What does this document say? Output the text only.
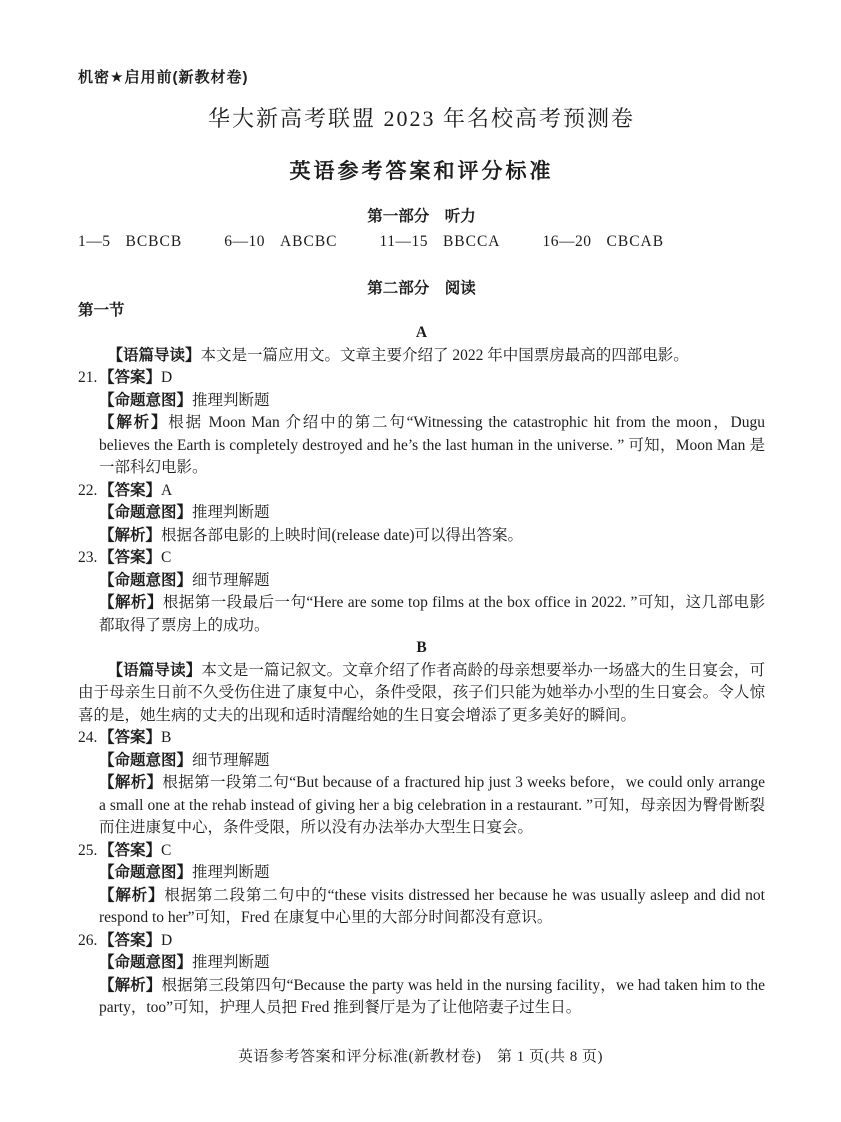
机密★启用前(新教材卷)
华大新高考联盟 2023 年名校高考预测卷
英语参考答案和评分标准
第一部分　听力
1—5 BCBCB	6—10 ABCBC	11—15 BBCCA	16—20 CBCAB
第二部分　阅读
第一节
A

【语篇导读】本文是一篇应用文。文章主要介绍了 2022 年中国票房最高的四部电影。

21. 【答案】D

【命题意图】推理判断题

【解析】根据 Moon Man 介绍中的第二句“Witnessing the catastrophic hit from the moon，Dugu believes the Earth is completely destroyed and he’s the last human in the universe. ” 可知，Moon Man 是一部科幻电影。

22. 【答案】A

【命题意图】推理判断题

【解析】根据各部电影的上映时间(release date)可以得出答案。

23. 【答案】C

【命题意图】细节理解题

【解析】根据第一段最后一句“Here are some top films at the box office in 2022. ”可知，这几部电影都取得了票房上的成功。

B

【语篇导读】本文是一篇记叙文。文章介绍了作者高龄的母亲想要举办一场盛大的生日宴会，可由于母亲生日前不久受伤住进了康复中心，条件受限，孩子们只能为她举办小型的生日宴会。令人惊喜的是，她生病的丈夫的出现和适时清醒给她的生日宴会增添了更多美好的瞬间。

24. 【答案】B

【命题意图】细节理解题

【解析】根据第一段第二句“But because of a fractured hip just 3 weeks before，we could only arrange a small one at the rehab instead of giving her a big celebration in a restaurant. ”可知，母亲因为臀骨断裂而住进康复中心，条件受限，所以没有办法举办大型生日宴会。

25. 【答案】C

【命题意图】推理判断题

【解析】根据第二段第二句中的“these visits distressed her because he was usually asleep and did not respond to her”可知，Fred 在康复中心里的大部分时间都没有意识。

26. 【答案】D

【命题意图】推理判断题

【解析】根据第三段第四句“Because the party was held in the nursing facility，we had taken him to the party，too”可知，护理人员把 Fred 推到餐厅是为了让他陪妻子过生日。

英语参考答案和评分标准(新教材卷)　第 1 页(共 8 页)
